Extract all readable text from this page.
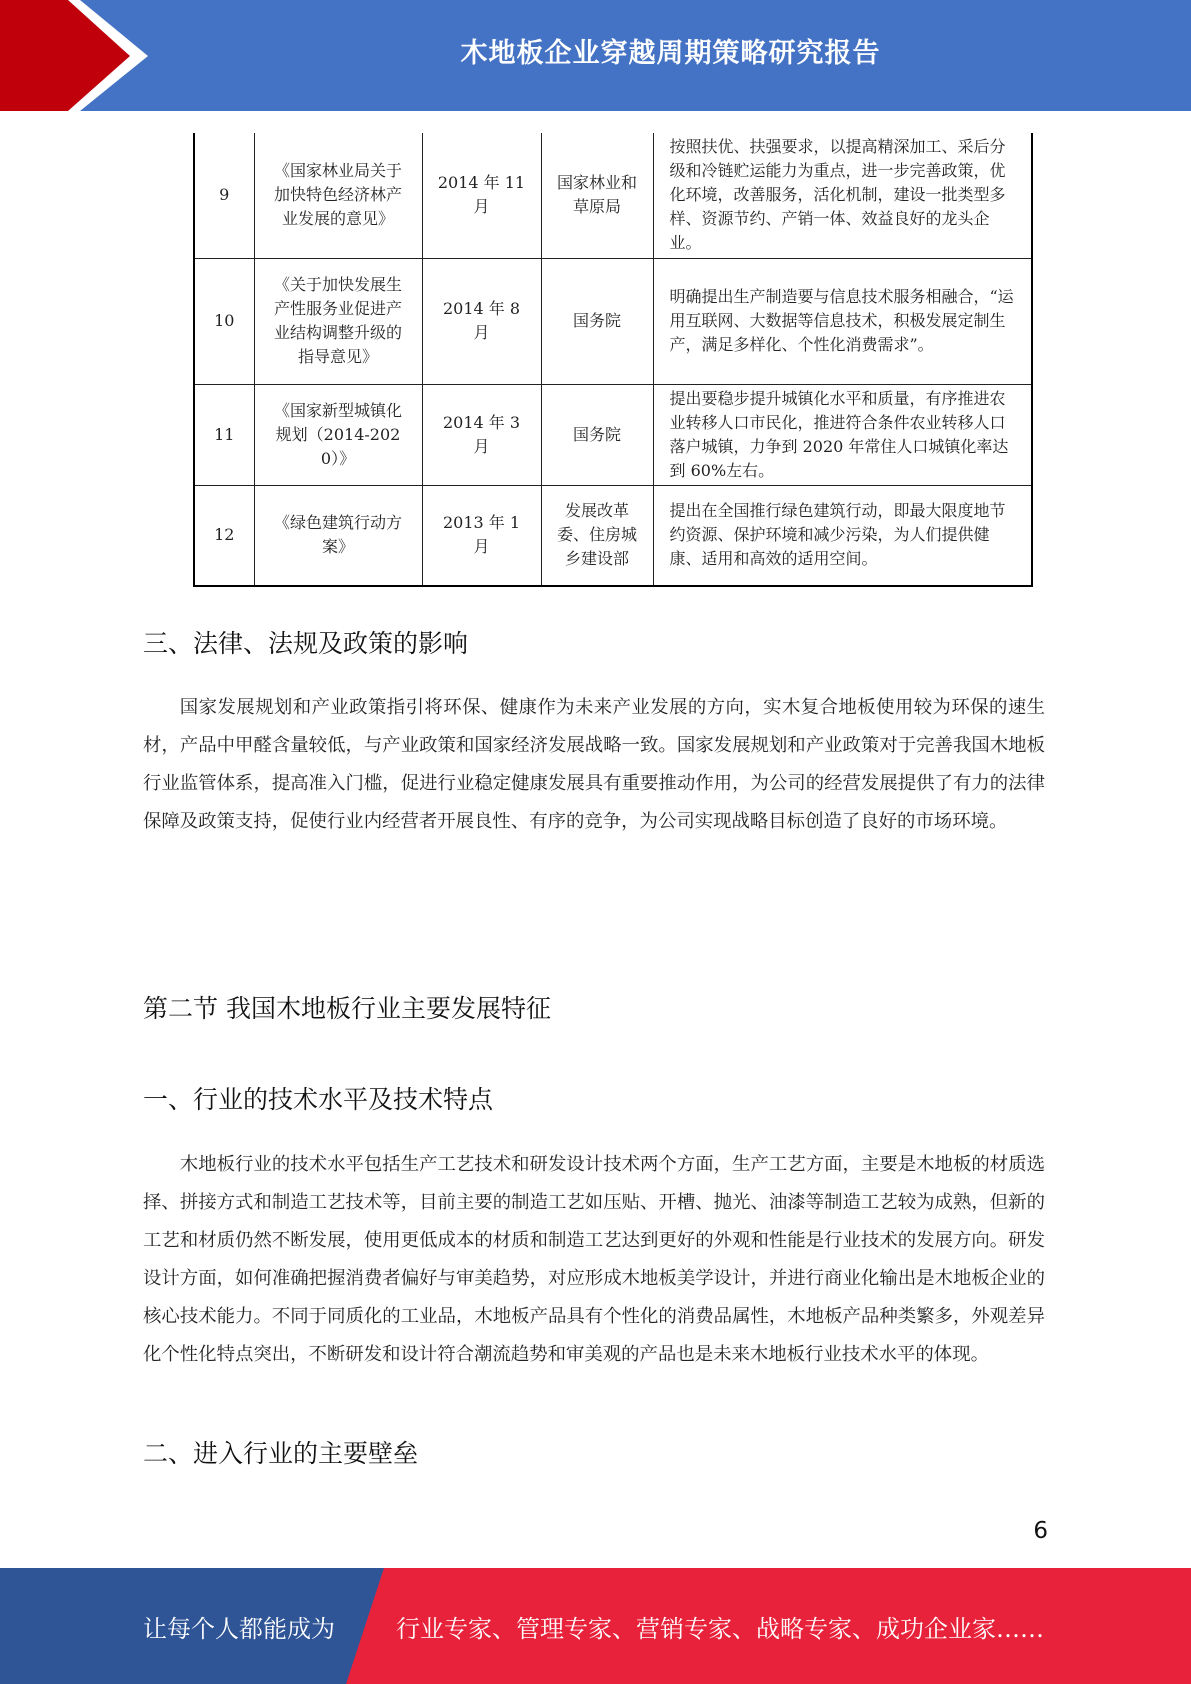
木地板企业穿越周期策略研究报告
9	《国家林业局关于加快特色经济林产业发展的意见》	2014 年 11 月	国家林业和草原局	按照扶优、扶强要求，以提高精深加工、采后分级和冷链贮运能力为重点，进一步完善政策，优化环境，改善服务，活化机制，建设一批类型多样、资源节约、产销一体、效益良好的龙头企业。
10	《关于加快发展生产性服务业促进产业结构调整升级的指导意见》	2014 年 8 月	国务院	明确提出生产制造要与信息技术服务相融合，“运用互联网、大数据等信息技术，积极发展定制生产，满足多样化、个性化消费需求”。
11	《国家新型城镇化规划（2014-2020）》	2014 年 3 月	国务院	提出要稳步提升城镇化水平和质量，有序推进农业转移人口市民化，推进符合条件农业转移人口落户城镇，力争到 2020 年常住人口城镇化率达到 60%左右。
12	《绿色建筑行动方案》	2013 年 1 月	发展改革委、住房城乡建设部	提出在全国推行绿色建筑行动，即最大限度地节约资源、保护环境和减少污染，为人们提供健康、适用和高效的适用空间。
三、法律、法规及政策的影响

国家发展规划和产业政策指引将环保、健康作为未来产业发展的方向，实木复合地板使用较为环保的速生材，产品中甲醛含量较低，与产业政策和国家经济发展战略一致。国家发展规划和产业政策对于完善我国木地板行业监管体系，提高准入门槛，促进行业稳定健康发展具有重要推动作用，为公司的经营发展提供了有力的法律保障及政策支持，促使行业内经营者开展良性、有序的竞争，为公司实现战略目标创造了良好的市场环境。

第二节 我国木地板行业主要发展特征
一、行业的技术水平及技术特点

木地板行业的技术水平包括生产工艺技术和研发设计技术两个方面，生产工艺方面，主要是木地板的材质选择、拼接方式和制造工艺技术等，目前主要的制造工艺如压贴、开槽、抛光、油漆等制造工艺较为成熟，但新的工艺和材质仍然不断发展，使用更低成本的材质和制造工艺达到更好的外观和性能是行业技术的发展方向。研发设计方面，如何准确把握消费者偏好与审美趋势，对应形成木地板美学设计，并进行商业化输出是木地板企业的核心技术能力。不同于同质化的工业品，木地板产品具有个性化的消费品属性，木地板产品种类繁多，外观差异化个性化特点突出，不断研发和设计符合潮流趋势和审美观的产品也是未来木地板行业技术水平的体现。

二、进入行业的主要壁垒
6
让每个人都能成为	行业专家、管理专家、营销专家、战略专家、成功企业家……
